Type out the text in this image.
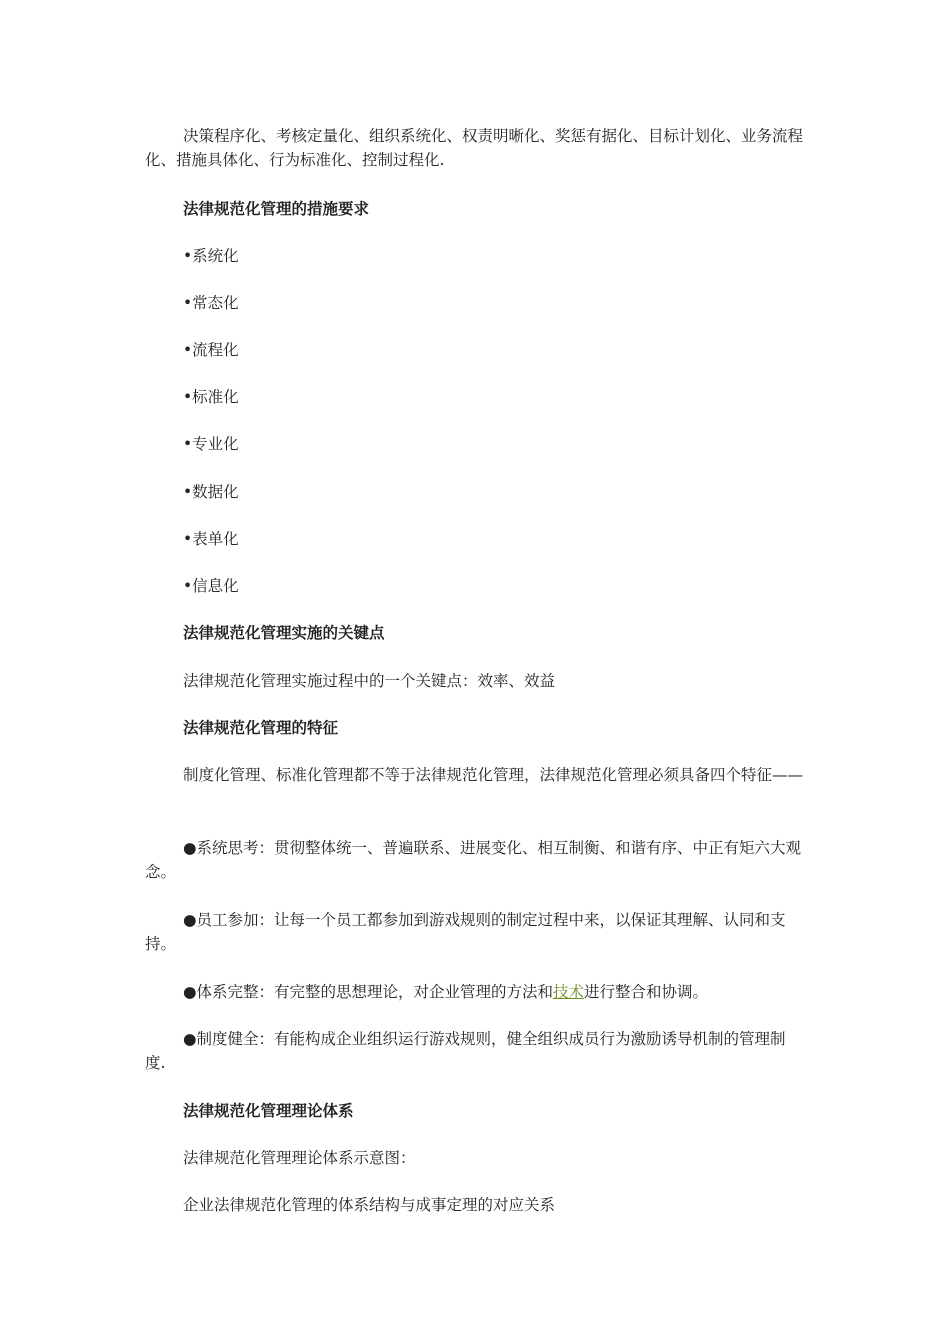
决策程序化、考核定量化、组织系统化、权责明晰化、奖惩有据化、目标计划化、业务流程化、措施具体化、行为标准化、控制过程化.

法律规范化管理的措施要求

•系统化

•常态化

•流程化

•标准化

•专业化

•数据化

•表单化

•信息化

法律规范化管理实施的关键点

法律规范化管理实施过程中的一个关键点：效率、效益

法律规范化管理的特征

制度化管理、标准化管理都不等于法律规范化管理，法律规范化管理必须具备四个特征——

●系统思考：贯彻整体统一、普遍联系、进展变化、相互制衡、和谐有序、中正有矩六大观念。

●员工参加：让每一个员工都参加到游戏规则的制定过程中来，以保证其理解、认同和支持。

●体系完整：有完整的思想理论，对企业管理的方法和技术进行整合和协调。

●制度健全：有能构成企业组织运行游戏规则，健全组织成员行为激励诱导机制的管理制度.

法律规范化管理理论体系

法律规范化管理理论体系示意图：

企业法律规范化管理的体系结构与成事定理的对应关系
